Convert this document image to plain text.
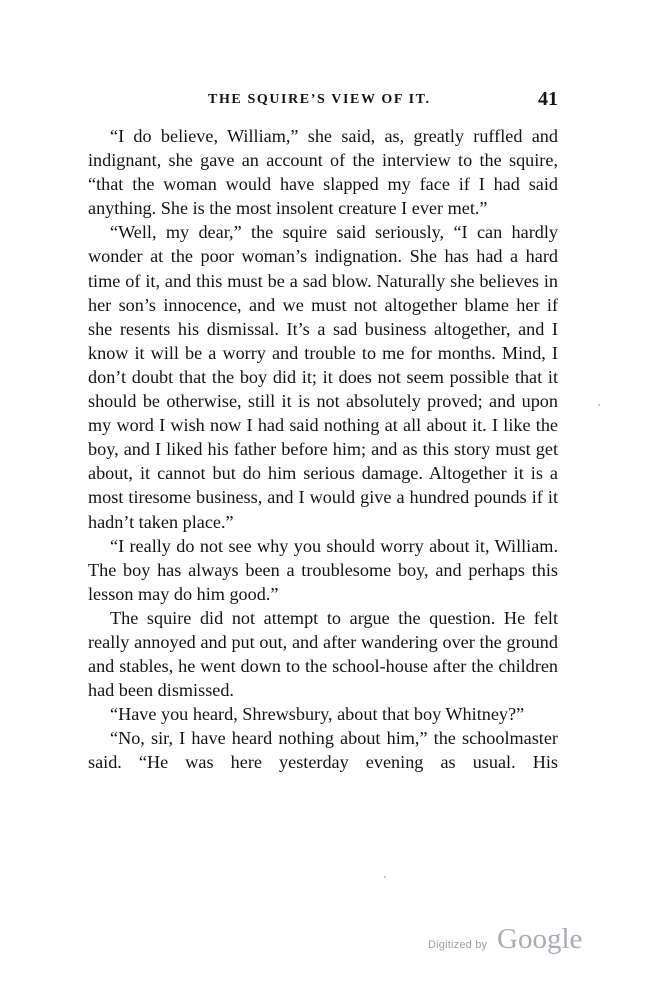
THE SQUIRE’S VIEW OF IT.	41

“I do believe, William,” she said, as, greatly ruffled and indignant, she gave an account of the interview to the squire, “that the woman would have slapped my face if I had said anything. She is the most insolent creature I ever met.”

“Well, my dear,” the squire said seriously, “I can hardly wonder at the poor woman’s indignation. She has had a hard time of it, and this must be a sad blow. Naturally she believes in her son’s innocence, and we must not altogether blame her if she resents his dismissal. It’s a sad business altogether, and I know it will be a worry and trouble to me for months. Mind, I don’t doubt that the boy did it; it does not seem possible that it should be otherwise, still it is not absolutely proved; and upon my word I wish now I had said nothing at all about it. I like the boy, and I liked his father before him; and as this story must get about, it cannot but do him serious damage. Altogether it is a most tiresome business, and I would give a hundred pounds if it hadn’t taken place.”

“I really do not see why you should worry about it, William. The boy has always been a troublesome boy, and perhaps this lesson may do him good.”

The squire did not attempt to argue the question. He felt really annoyed and put out, and after wandering over the ground and stables, he went down to the school-house after the children had been dismissed.

“Have you heard, Shrewsbury, about that boy Whitney?”

“No, sir, I have heard nothing about him,” the schoolmaster said. “He was here yesterday evening as usual. His

Digitized by Google
